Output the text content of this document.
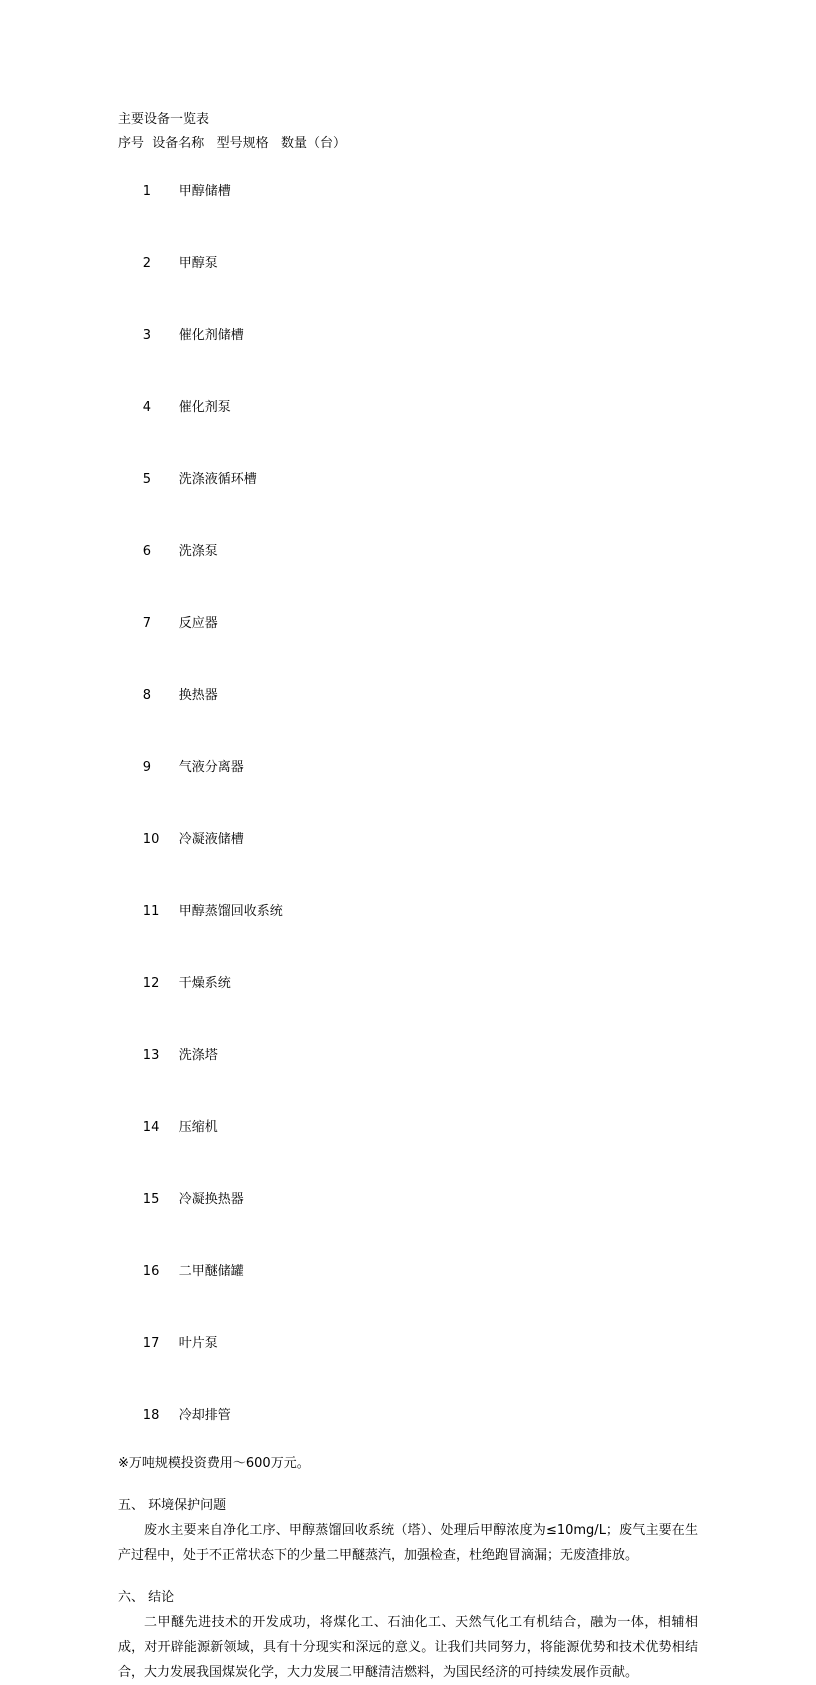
主要设备一览表
序号  设备名称   型号规格   数量（台）

1 甲醇储槽

2 甲醇泵

3 催化剂储槽

4 催化剂泵

5 洗涤液循环槽

6 洗涤泵

7 反应器

8 换热器

9 气液分离器

10 冷凝液储槽

11 甲醇蒸馏回收系统

12 干燥系统

13 洗涤塔

14 压缩机

15 冷凝换热器

16 二甲醚储罐

17 叶片泵

18 冷却排管

※万吨规模投资费用～600万元。
五、 环境保护问题
废水主要来自净化工序、甲醇蒸馏回收系统（塔）、处理后甲醇浓度为≤10mg/L；废气主要在生产过程中，处于不正常状态下的少量二甲醚蒸汽，加强检查，杜绝跑冒滴漏；无废渣排放。
六、 结论
二甲醚先进技术的开发成功，将煤化工、石油化工、天然气化工有机结合，融为一体，相辅相成，对开辟能源新领域，具有十分现实和深远的意义。让我们共同努力，将能源优势和技术优势相结合，大力发展我国煤炭化学，大力发展二甲醚清洁燃料，为国民经济的可持续发展作贡献。
